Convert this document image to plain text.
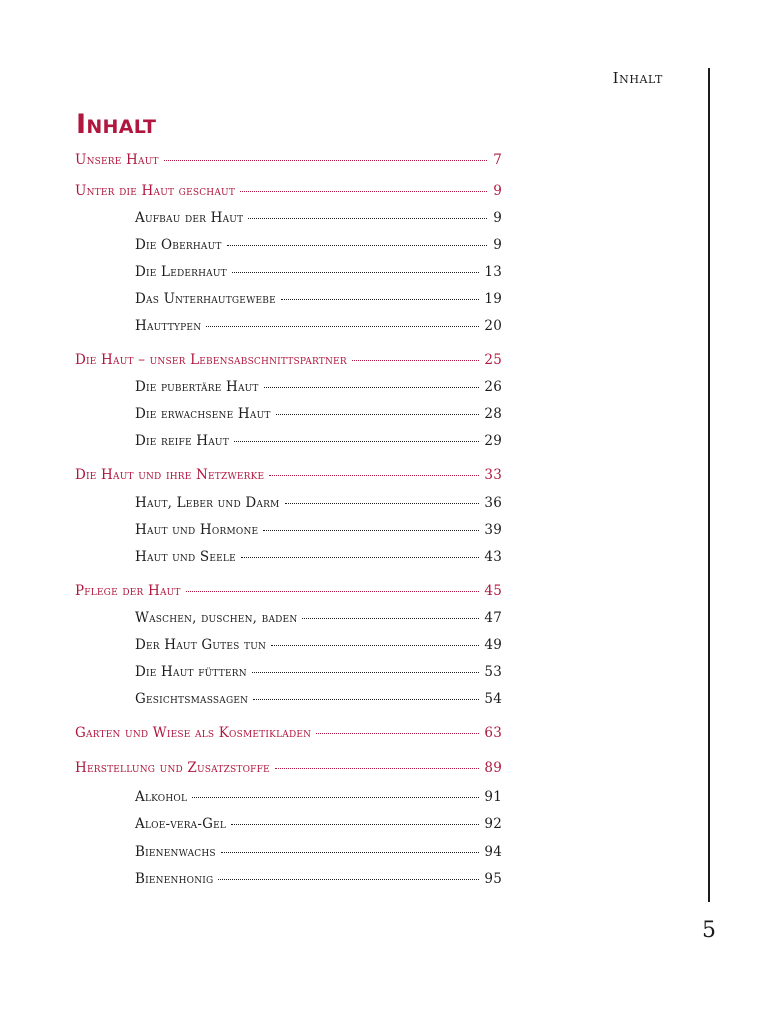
Inhalt
5
Inhalt
Unsere Haut	7
Unter die Haut geschaut	9
Aufbau der Haut	9
Die Oberhaut	9
Die Lederhaut	13
Das Unterhautgewebe	19
Hauttypen	20
Die Haut – unser Lebensabschnittspartner	25
Die pubertäre Haut	26
Die erwachsene Haut	28
Die reife Haut	29
Die Haut und ihre Netzwerke	33
Haut, Leber und Darm	36
Haut und Hormone	39
Haut und Seele	43
Pflege der Haut	45
Waschen, duschen, baden	47
Der Haut Gutes tun	49
Die Haut füttern	53
Gesichtsmassagen	54
Garten und Wiese als Kosmetikladen	63
Herstellung und Zusatzstoffe	89
Alkohol	91
Aloe-vera-Gel	92
Bienenwachs	94
Bienenhonig	95
